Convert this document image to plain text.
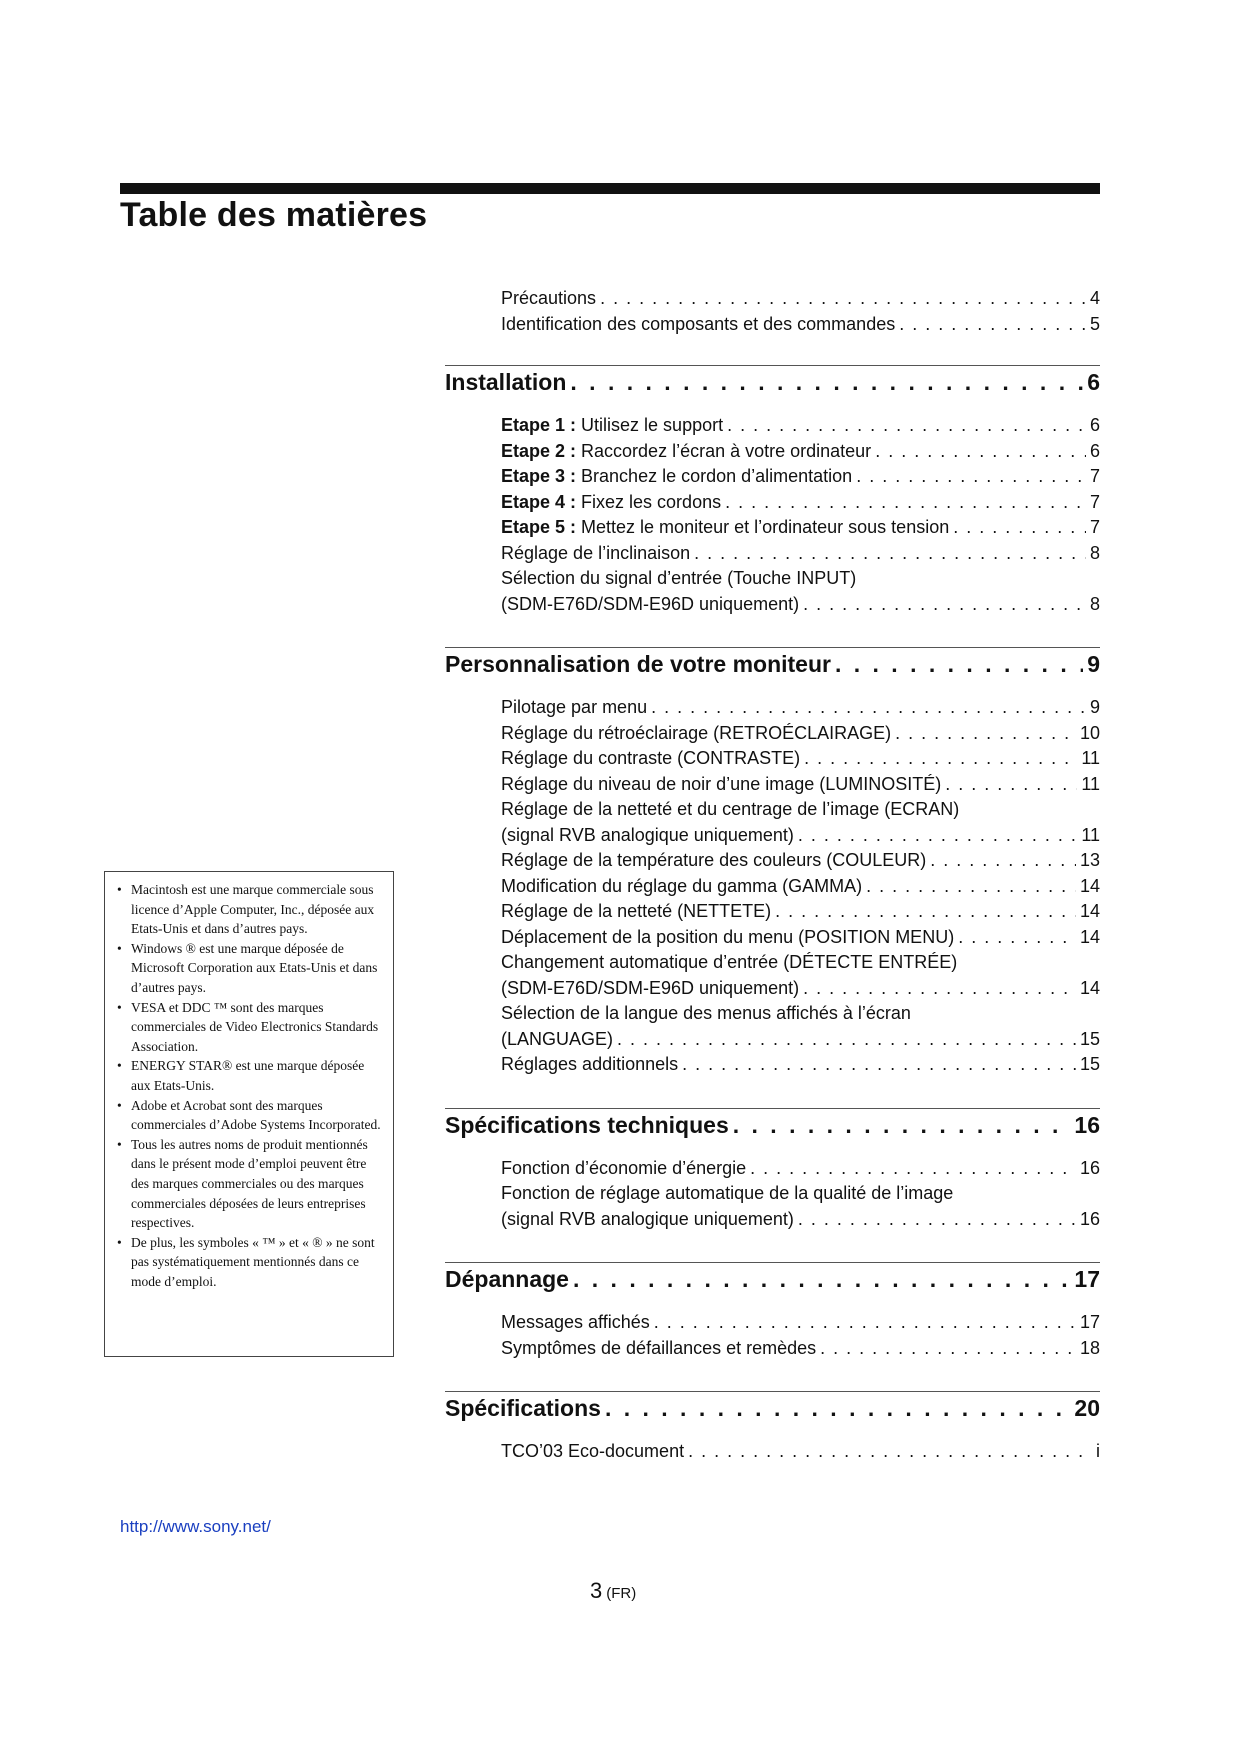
Table des matières
Précautions . . .	4
Identification des composants et des commandes . . .	5
Installation . . .	6
Etape 1 : Utilisez le support . . .	6
Etape 2 : Raccordez l’écran à votre ordinateur . . .	6
Etape 3 : Branchez le cordon d’alimentation . . .	7
Etape 4 : Fixez les cordons . . .	7
Etape 5 : Mettez le moniteur et l’ordinateur sous tension . . .	7
Réglage de l’inclinaison . . .	8
Sélection du signal d’entrée (Touche INPUT)
(SDM-E76D/SDM-E96D uniquement) . . .	8
Personnalisation de votre moniteur . . .	9
Pilotage par menu . . .	9
Réglage du rétroéclairage (RETROÉCLAIRAGE) . . .	10
Réglage du contraste (CONTRASTE) . . .	11
Réglage du niveau de noir d’une image (LUMINOSITÉ) . . .	11
Réglage de la netteté et du centrage de l’image (ECRAN)
(signal RVB analogique uniquement) . . .	11
Réglage de la température des couleurs (COULEUR) . . .	13
Modification du réglage du gamma (GAMMA) . . .	14
Réglage de la netteté (NETTETE) . . .	14
Déplacement de la position du menu (POSITION MENU) . . .	14
Changement automatique d’entrée (DÉTECTE ENTRÉE)
(SDM-E76D/SDM-E96D uniquement) . . .	14
Sélection de la langue des menus affichés à l’écran
(LANGUAGE) . . .	15
Réglages additionnels . . .	15
Spécifications techniques . . .	16
Fonction d’économie d’énergie . . .	16
Fonction de réglage automatique de la qualité de l’image
(signal RVB analogique uniquement) . . .	16
Dépannage . . .	17
Messages affichés . . .	17
Symptômes de défaillances et remèdes . . .	18
Spécifications . . .	20
TCO’03 Eco-document . . .	i
• Macintosh est une marque commerciale sous licence d’Apple Computer, Inc., déposée aux Etats-Unis et dans d’autres pays.
• Windows ® est une marque déposée de Microsoft Corporation aux Etats-Unis et dans d’autres pays.
• VESA et DDC ™ sont des marques commerciales de Video Electronics Standards Association.
• ENERGY STAR® est une marque déposée aux Etats-Unis.
• Adobe et Acrobat sont des marques commerciales d’Adobe Systems Incorporated.
• Tous les autres noms de produit mentionnés dans le présent mode d’emploi peuvent être des marques commerciales ou des marques commerciales déposées de leurs entreprises respectives.
• De plus, les symboles « ™ » et « ® » ne sont pas systématiquement mentionnés dans ce mode d’emploi.
http://www.sony.net/
3 (FR)
